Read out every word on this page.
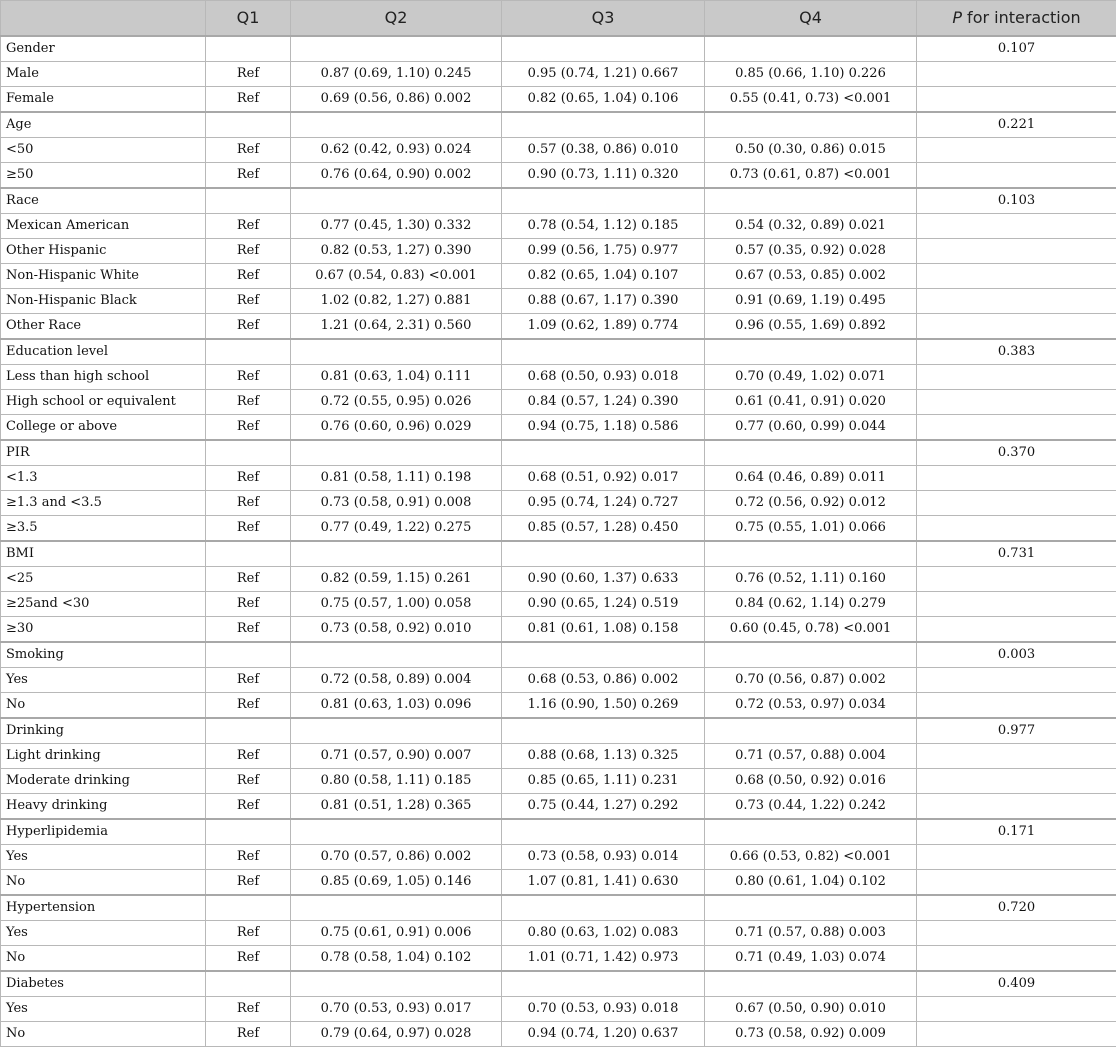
	Q1	Q2	Q3	Q4	P for interaction
Gender					0.107
Male	Ref	0.87 (0.69, 1.10) 0.245	0.95 (0.74, 1.21) 0.667	0.85 (0.66, 1.10) 0.226	
Female	Ref	0.69 (0.56, 0.86) 0.002	0.82 (0.65, 1.04) 0.106	0.55 (0.41, 0.73) <0.001	
Age					0.221
<50	Ref	0.62 (0.42, 0.93) 0.024	0.57 (0.38, 0.86) 0.010	0.50 (0.30, 0.86) 0.015	
≥50	Ref	0.76 (0.64, 0.90) 0.002	0.90 (0.73, 1.11) 0.320	0.73 (0.61, 0.87) <0.001	
Race					0.103
Mexican American	Ref	0.77 (0.45, 1.30) 0.332	0.78 (0.54, 1.12) 0.185	0.54 (0.32, 0.89) 0.021	
Other Hispanic	Ref	0.82 (0.53, 1.27) 0.390	0.99 (0.56, 1.75) 0.977	0.57 (0.35, 0.92) 0.028	
Non-Hispanic White	Ref	0.67 (0.54, 0.83) <0.001	0.82 (0.65, 1.04) 0.107	0.67 (0.53, 0.85) 0.002	
Non-Hispanic Black	Ref	1.02 (0.82, 1.27) 0.881	0.88 (0.67, 1.17) 0.390	0.91 (0.69, 1.19) 0.495	
Other Race	Ref	1.21 (0.64, 2.31) 0.560	1.09 (0.62, 1.89) 0.774	0.96 (0.55, 1.69) 0.892	
Education level					0.383
Less than high school	Ref	0.81 (0.63, 1.04) 0.111	0.68 (0.50, 0.93) 0.018	0.70 (0.49, 1.02) 0.071	
High school or equivalent	Ref	0.72 (0.55, 0.95) 0.026	0.84 (0.57, 1.24) 0.390	0.61 (0.41, 0.91) 0.020	
College or above	Ref	0.76 (0.60, 0.96) 0.029	0.94 (0.75, 1.18) 0.586	0.77 (0.60, 0.99) 0.044	
PIR					0.370
<1.3	Ref	0.81 (0.58, 1.11) 0.198	0.68 (0.51, 0.92) 0.017	0.64 (0.46, 0.89) 0.011	
≥1.3 and <3.5	Ref	0.73 (0.58, 0.91) 0.008	0.95 (0.74, 1.24) 0.727	0.72 (0.56, 0.92) 0.012	
≥3.5	Ref	0.77 (0.49, 1.22) 0.275	0.85 (0.57, 1.28) 0.450	0.75 (0.55, 1.01) 0.066	
BMI					0.731
<25	Ref	0.82 (0.59, 1.15) 0.261	0.90 (0.60, 1.37) 0.633	0.76 (0.52, 1.11) 0.160	
≥25and <30	Ref	0.75 (0.57, 1.00) 0.058	0.90 (0.65, 1.24) 0.519	0.84 (0.62, 1.14) 0.279	
≥30	Ref	0.73 (0.58, 0.92) 0.010	0.81 (0.61, 1.08) 0.158	0.60 (0.45, 0.78) <0.001	
Smoking					0.003
Yes	Ref	0.72 (0.58, 0.89) 0.004	0.68 (0.53, 0.86) 0.002	0.70 (0.56, 0.87) 0.002	
No	Ref	0.81 (0.63, 1.03) 0.096	1.16 (0.90, 1.50) 0.269	0.72 (0.53, 0.97) 0.034	
Drinking					0.977
Light drinking	Ref	0.71 (0.57, 0.90) 0.007	0.88 (0.68, 1.13) 0.325	0.71 (0.57, 0.88) 0.004	
Moderate drinking	Ref	0.80 (0.58, 1.11) 0.185	0.85 (0.65, 1.11) 0.231	0.68 (0.50, 0.92) 0.016	
Heavy drinking	Ref	0.81 (0.51, 1.28) 0.365	0.75 (0.44, 1.27) 0.292	0.73 (0.44, 1.22) 0.242	
Hyperlipidemia					0.171
Yes	Ref	0.70 (0.57, 0.86) 0.002	0.73 (0.58, 0.93) 0.014	0.66 (0.53, 0.82) <0.001	
No	Ref	0.85 (0.69, 1.05) 0.146	1.07 (0.81, 1.41) 0.630	0.80 (0.61, 1.04) 0.102	
Hypertension					0.720
Yes	Ref	0.75 (0.61, 0.91) 0.006	0.80 (0.63, 1.02) 0.083	0.71 (0.57, 0.88) 0.003	
No	Ref	0.78 (0.58, 1.04) 0.102	1.01 (0.71, 1.42) 0.973	0.71 (0.49, 1.03) 0.074	
Diabetes					0.409
Yes	Ref	0.70 (0.53, 0.93) 0.017	0.70 (0.53, 0.93) 0.018	0.67 (0.50, 0.90) 0.010	
No	Ref	0.79 (0.64, 0.97) 0.028	0.94 (0.74, 1.20) 0.637	0.73 (0.58, 0.92) 0.009	
